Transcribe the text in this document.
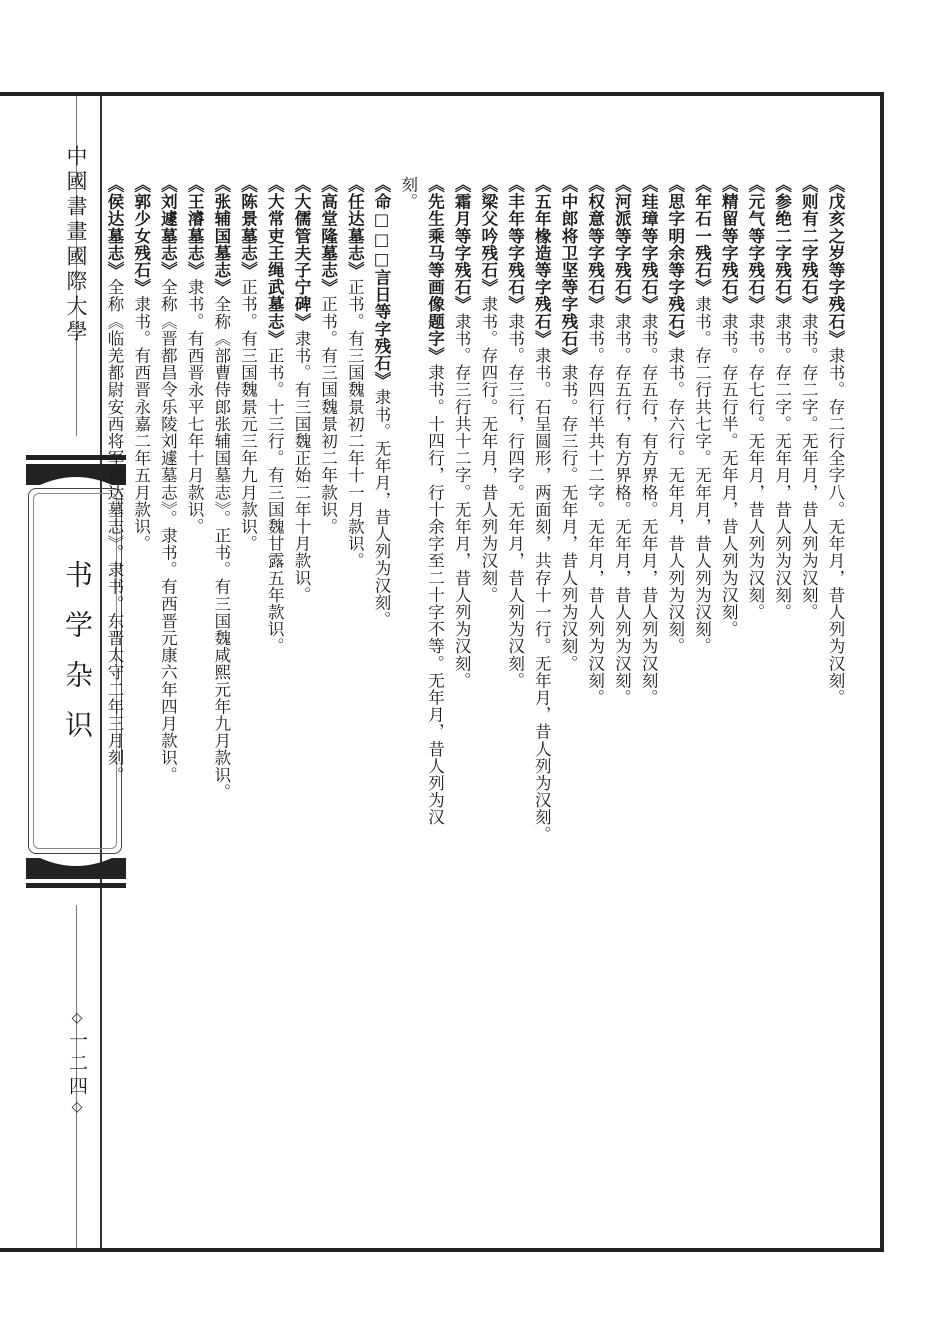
中國書畫國際大學
书学杂识
◇一二四◇
《戊亥之岁等字残石》隶书。存二行全字八。无年月，昔人列为汉刻。
《则有二字残石》隶书。存二字。无年月，昔人列为汉刻。
《参绝二字残石》隶书。存二字。无年月，昔人列为汉刻。
《元气等字残石》隶书。存七行。无年月，昔人列为汉刻。
《精留等字残石》隶书。存五行半。无年月，昔人列为汉刻。
《年石一残石》隶书。存二行共七字。无年月，昔人列为汉刻。
《思字明余等字残石》隶书。存六行。无年月，昔人列为汉刻。
《珪璋等字残石》隶书。存五行，有方界格。无年月，昔人列为汉刻。
《河派等字残石》隶书。存五行，有方界格。无年月，昔人列为汉刻。
《权意等字残石》隶书。存四行半共十二字。无年月，昔人列为汉刻。
《中郎将卫坚等字残石》隶书。存三行。无年月，昔人列为汉刻。
《五年椽造等字残石》隶书。石呈圆形，两面刻，共存十一行。无年月，昔人列为汉刻。
《丰年等字残石》隶书。存三行，行四字。无年月，昔人列为汉刻。
《梁父吟残石》隶书。存四行。无年月，昔人列为汉刻。
《霜月等字残石》隶书。存三行共十二字。无年月，昔人列为汉刻。
《先生乘马等画像题字》隶书。十四行，行十余字至二十字不等。无年月，昔人列为汉刻。
《命□□□言日等字残石》隶书。无年月，昔人列为汉刻。
《任达墓志》正书。有三国魏景初二年十一月款识。
《高堂隆墓志》正书。有三国魏景初二年款识。
《大儒管夫子宁碑》隶书。有三国魏正始二年十月款识。
《大常吏王绳武墓志》正书。十三行。有三国魏甘露五年款识。
《陈景墓志》正书。有三国魏景元三年九月款识。
《张辅国墓志》全称《部曹侍郎张辅国墓志》。正书。有三国魏咸熙元年九月款识。
《王濬墓志》隶书。有西晋永平七年十月款识。
《刘遽墓志》全称《晋都昌令乐陵刘遽墓志》。隶书。有西晋元康六年四月款识。
《郭少女残石》隶书。有西晋永嘉二年五月款识。
《侯达墓志》全称《临羌都尉安西将军侯达墓志》。隶书。东晋太守二年三月刻。
